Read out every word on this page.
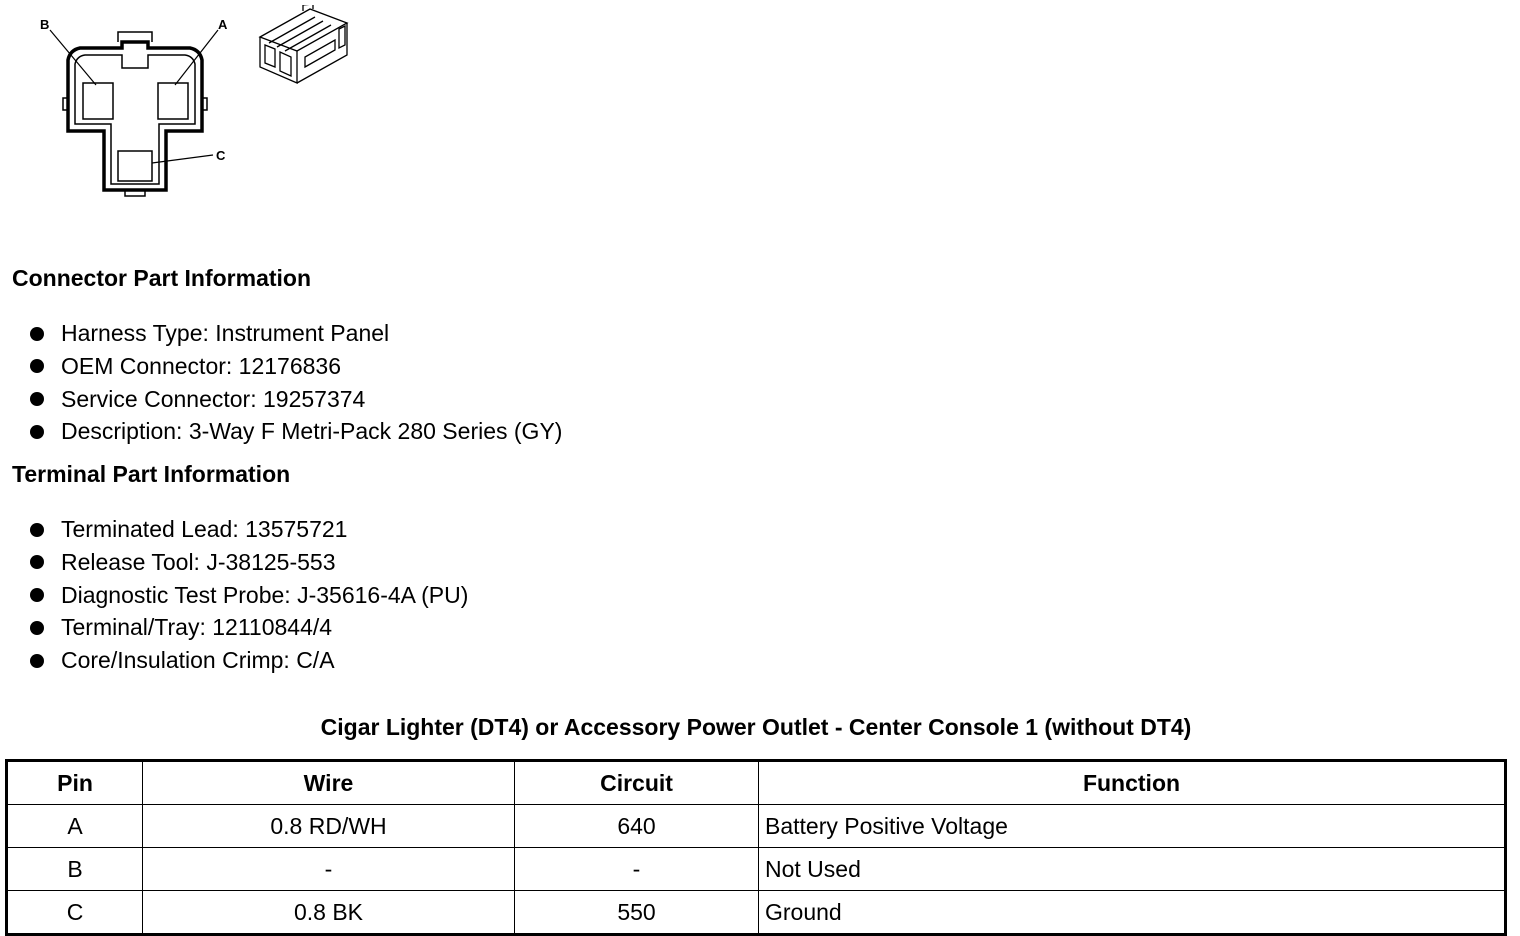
B	A
C
Connector Part Information
Harness Type: Instrument Panel
OEM Connector: 12176836
Service Connector: 19257374
Description: 3-Way F Metri-Pack 280 Series (GY)
Terminal Part Information
Terminated Lead: 13575721
Release Tool: J-38125-553
Diagnostic Test Probe: J-35616-4A (PU)
Terminal/Tray: 12110844/4
Core/Insulation Crimp: C/A
Cigar Lighter (DT4) or Accessory Power Outlet - Center Console 1 (without DT4)
Pin	Wire	Circuit	Function
A	0.8 RD/WH	640	Battery Positive Voltage
B	-	-	Not Used
C	0.8 BK	550	Ground
